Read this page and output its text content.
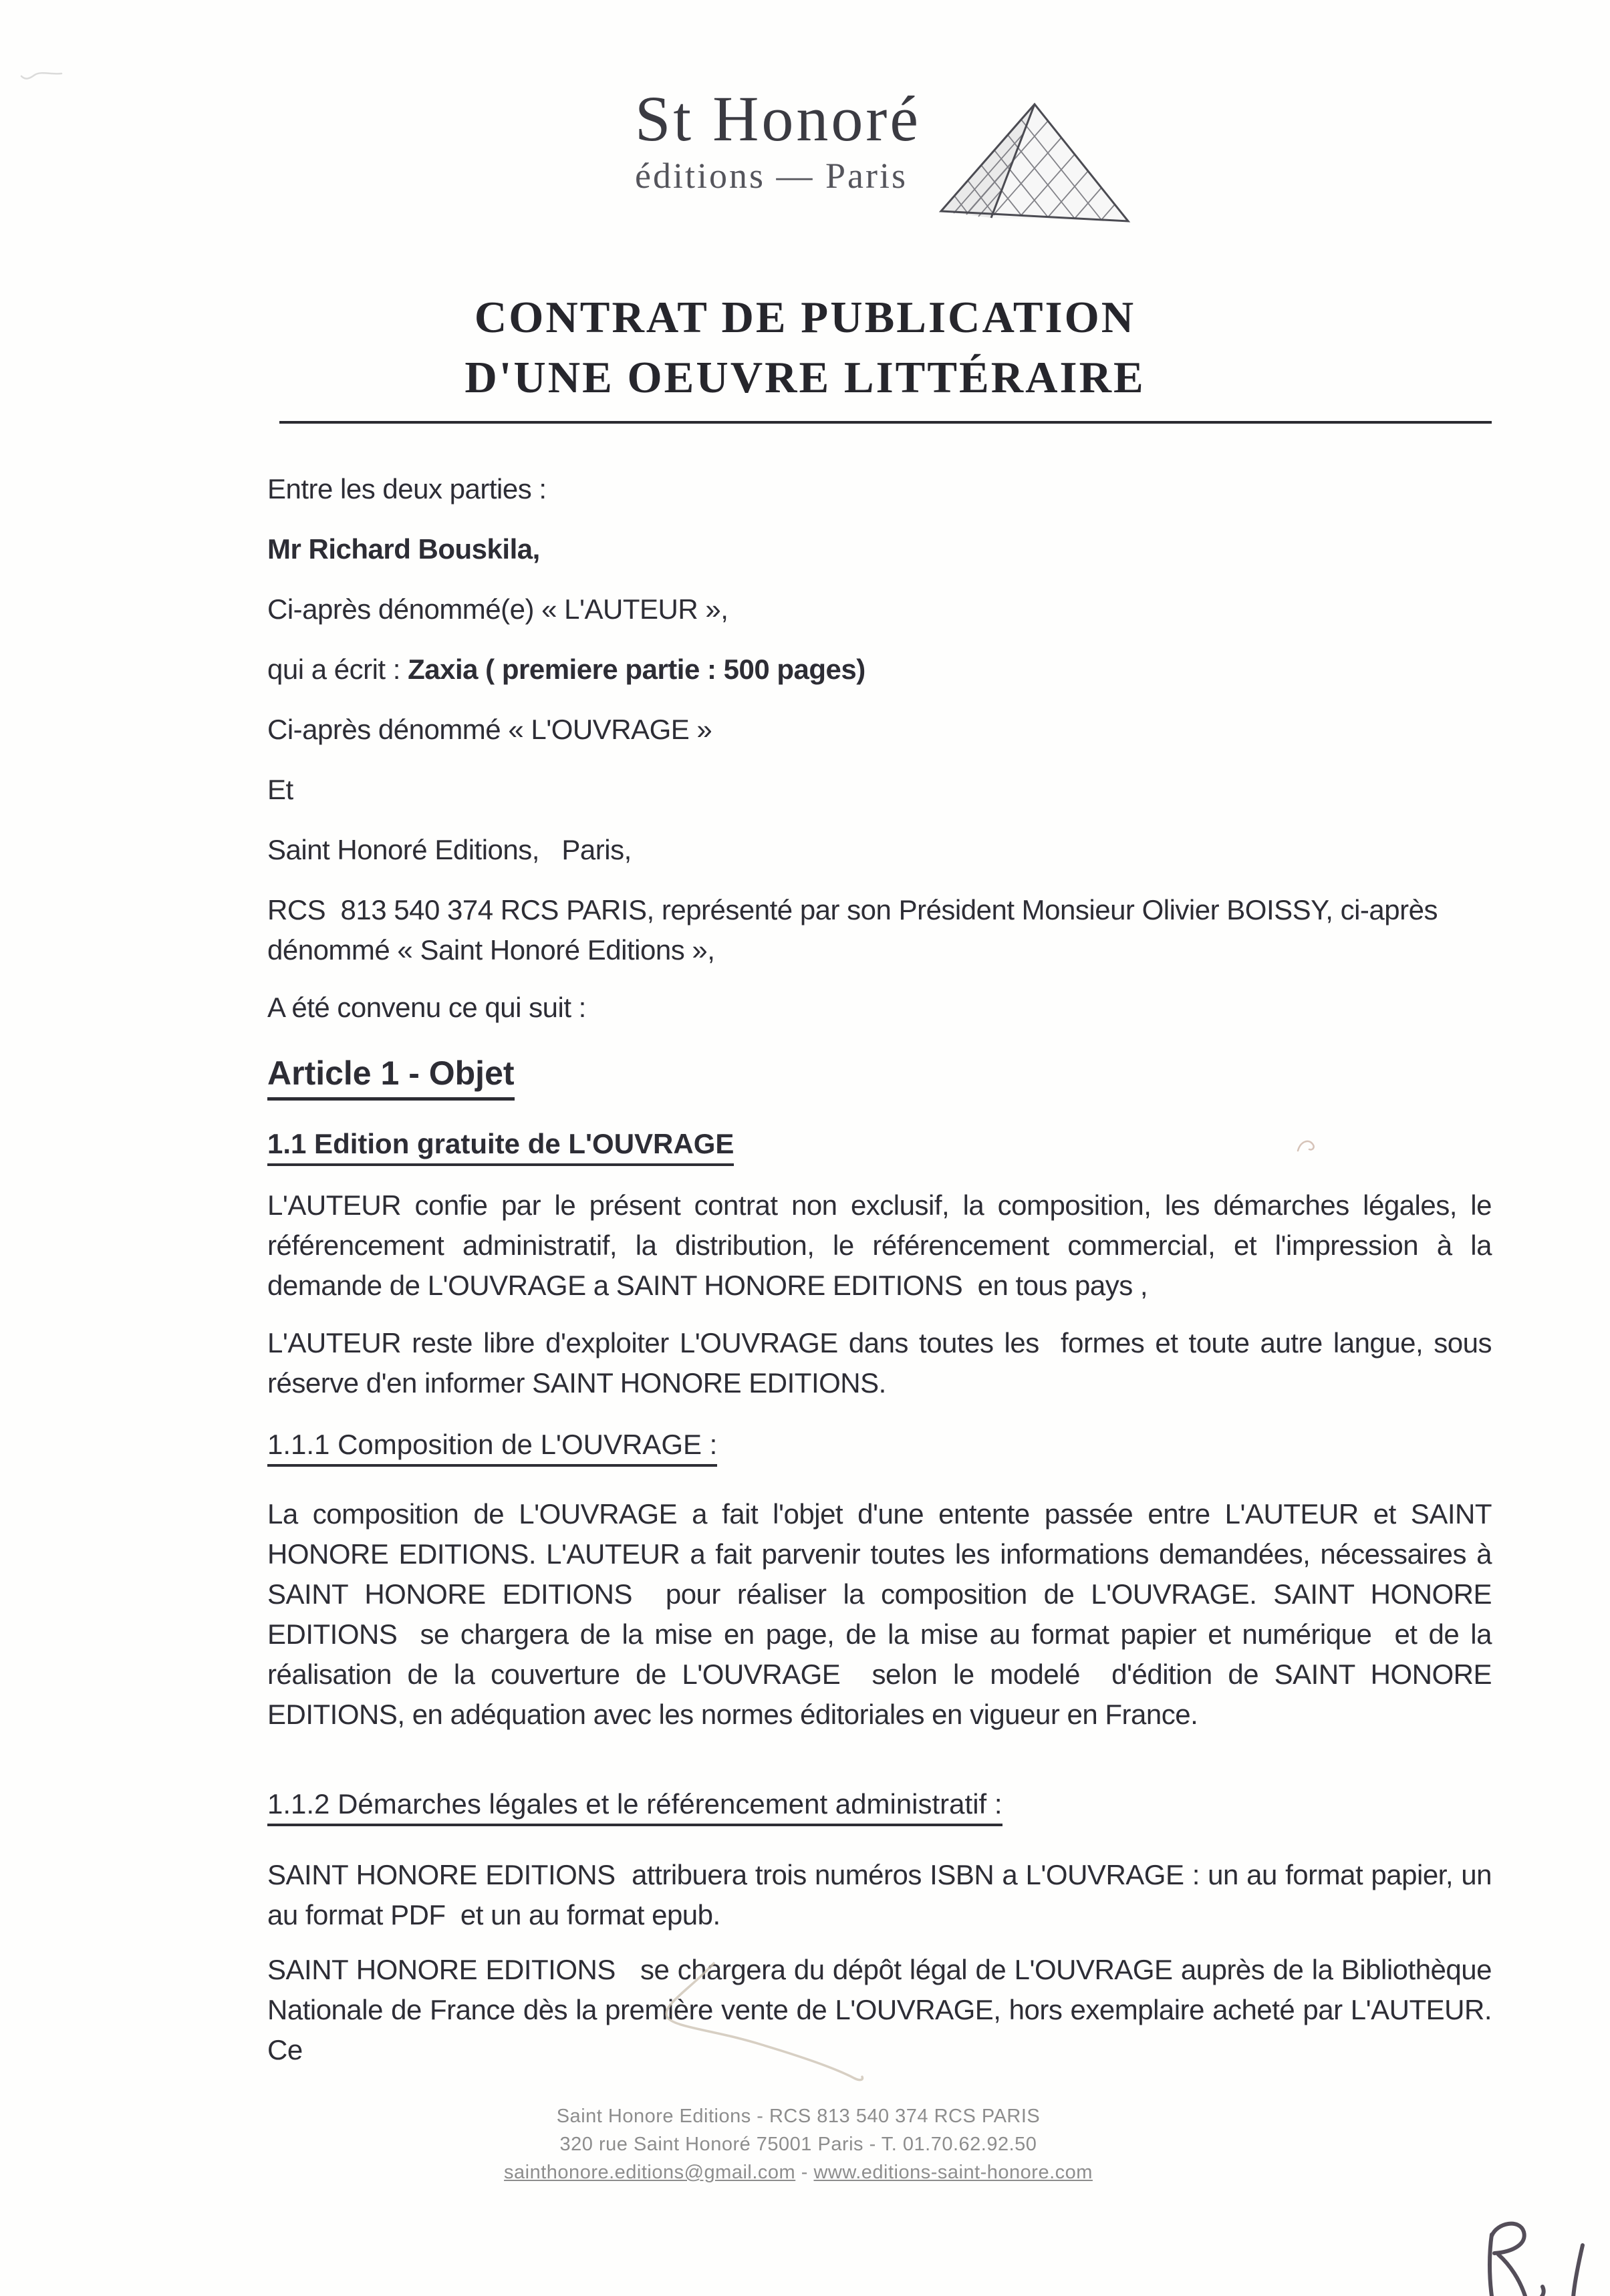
St Honoré
éditions — Paris
CONTRAT DE PUBLICATION
D'UNE OEUVRE LITTÉRAIRE

Entre les deux parties :

Mr Richard Bouskila,

Ci-après dénommé(e) « L'AUTEUR »,

qui a écrit : Zaxia ( premiere partie : 500 pages)

Ci-après dénommé « L'OUVRAGE »

Et

Saint Honoré Editions,   Paris,

RCS  813 540 374 RCS PARIS, représenté par son Président Monsieur Olivier BOISSY, ci-après dénommé « Saint Honoré Editions »,

A été convenu ce qui suit :

Article 1 - Objet
1.1 Edition gratuite de L'OUVRAGE

L'AUTEUR confie par le présent contrat non exclusif, la composition, les démarches légales, le référencement administratif, la distribution, le référencement commercial, et l'impression à la demande de L'OUVRAGE a SAINT HONORE EDITIONS  en tous pays ,

L'AUTEUR reste libre d'exploiter L'OUVRAGE dans toutes les  formes et toute autre langue, sous réserve d'en informer SAINT HONORE EDITIONS.

1.1.1 Composition de L'OUVRAGE :

La composition de L'OUVRAGE a fait l'objet d'une entente passée entre L'AUTEUR et SAINT HONORE EDITIONS. L'AUTEUR a fait parvenir toutes les informations demandées, nécessaires à SAINT HONORE EDITIONS  pour réaliser la composition de L'OUVRAGE. SAINT HONORE EDITIONS  se chargera de la mise en page, de la mise au format papier et numérique  et de la réalisation de la couverture de L'OUVRAGE  selon le modelé  d'édition de SAINT HONORE EDITIONS, en adéquation avec les normes éditoriales en vigueur en France.

1.1.2 Démarches légales et le référencement administratif :

SAINT HONORE EDITIONS  attribuera trois numéros ISBN a L'OUVRAGE : un au format papier, un au format PDF  et un au format epub.

SAINT HONORE EDITIONS   se chargera du dépôt légal de L'OUVRAGE auprès de la Bibliothèque Nationale de France dès la première vente de L'OUVRAGE, hors exemplaire acheté par L'AUTEUR. Ce

Saint Honore Editions - RCS 813 540 374 RCS PARIS
320 rue Saint Honoré 75001 Paris - T. 01.70.62.92.50
sainthonore.editions@gmail.com - www.editions-saint-honore.com
